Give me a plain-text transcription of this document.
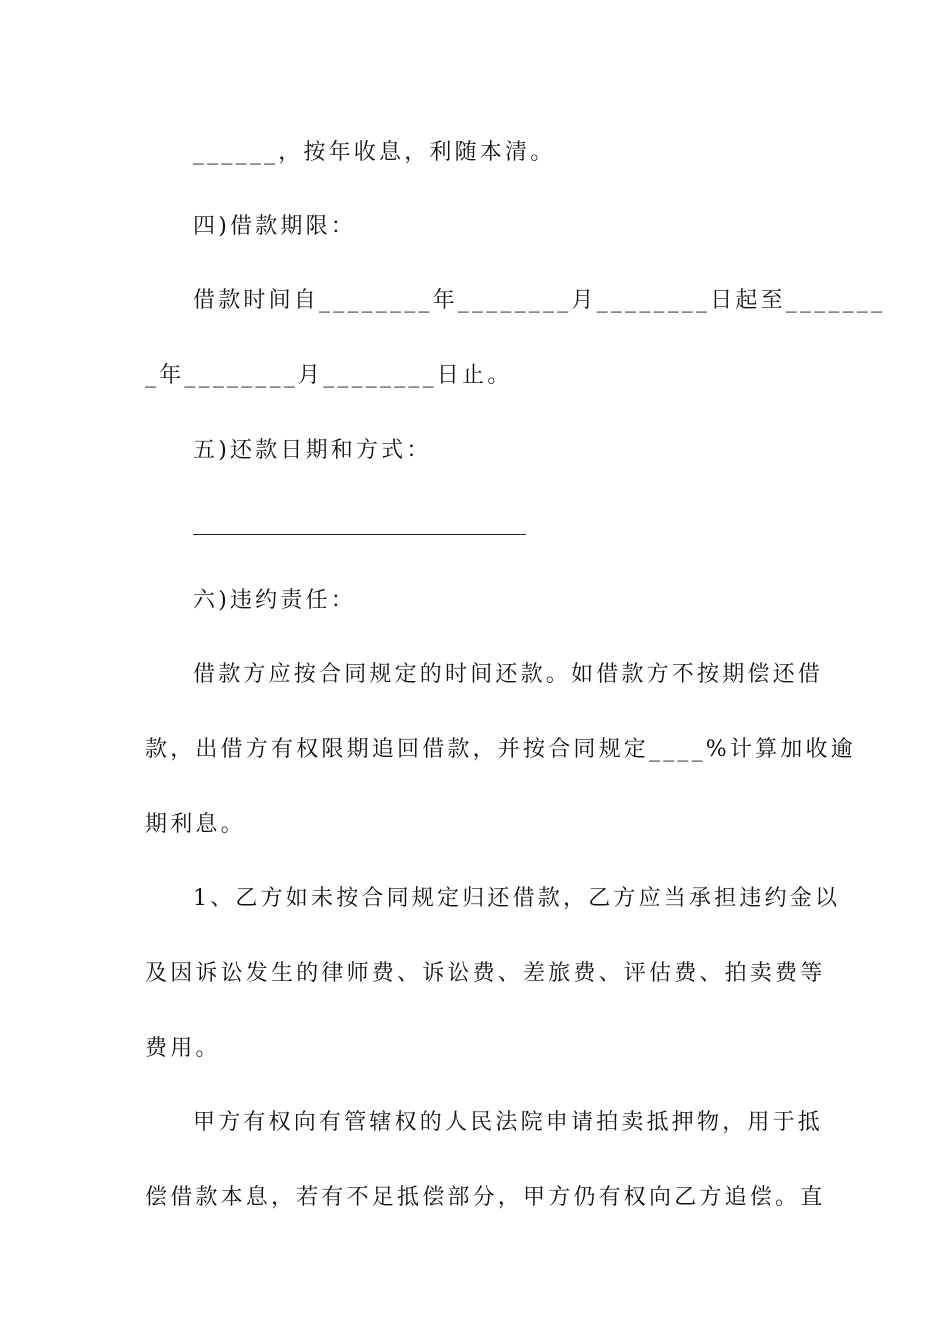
______，按年收息，利随本清。
四)借款期限：
借款时间自________年________月________日起至_______
_年________月________日止。
五)还款日期和方式：
六)违约责任：
借款方应按合同规定的时间还款。如借款方不按期偿还借
款，出借方有权限期追回借款，并按合同规定____%计算加收逾
期利息。
1、乙方如未按合同规定归还借款，乙方应当承担违约金以
及因诉讼发生的律师费、诉讼费、差旅费、评估费、拍卖费等
费用。
甲方有权向有管辖权的人民法院申请拍卖抵押物，用于抵
偿借款本息，若有不足抵偿部分，甲方仍有权向乙方追偿。直
